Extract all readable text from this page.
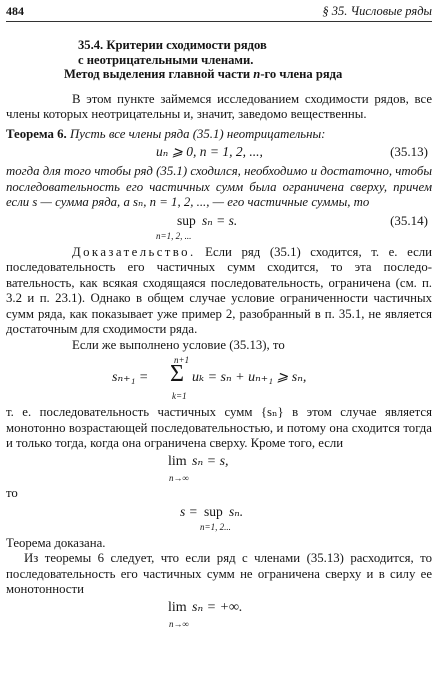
484	§ 35. Числовые ряды
35.4. Критерии сходимости рядов
с неотрицательными членами.
Метод выделения главной части n-го члена ряда

В этом пункте займемся исследованием сходимости рядов, все члены которых неотрицательны и, значит, заведомо вещественны.

Теорема 6. Пусть все члены ряда (35.1) неотрицательны:

uₙ ⩾ 0, n = 1, 2, ...,	(35.13)

тогда для того чтобы ряд (35.1) сходился, необходимо и достаточно, чтобы последовательность его частичных сумм была ограничена сверху, причем если s — сумма ряда, а sₙ, n = 1, 2, ..., — его частичные суммы, то

sup
n=1, 2, ...
sₙ = s.	(35.14)

Доказательство. Если ряд (35.1) сходится, т. е. если последовательность его частичных сумм сходится, то эта последовательность, как всякая сходящаяся последовательность, ограничена (см. п. 3.2 и п. 23.1). Однако в общем случае условие ограниченности частичных сумм ряда, как показывает уже пример 2, разобранный в п. 35.1, не является достаточным для сходимости ряда.

Если же выполнено условие (35.13), то

sₙ₊₁ =
n+1
Σ
k=1
uₖ = sₙ + uₙ₊₁ ⩾ sₙ,

т. е. последовательность частичных сумм {sₙ} в этом случае является монотонно возрастающей последовательностью, и потому она сходится тогда и только тогда, когда она ограничена сверху. Кроме того, если

lim
n→∞
sₙ = s,
то
s = sup
n=1, 2...
sₙ.

Теорема доказана.

Из теоремы 6 следует, что если ряд с членами (35.13) расходится, то последовательность его частичных сумм не ограничена сверху и в силу ее монотонности

lim
n→∞
sₙ = +∞.
